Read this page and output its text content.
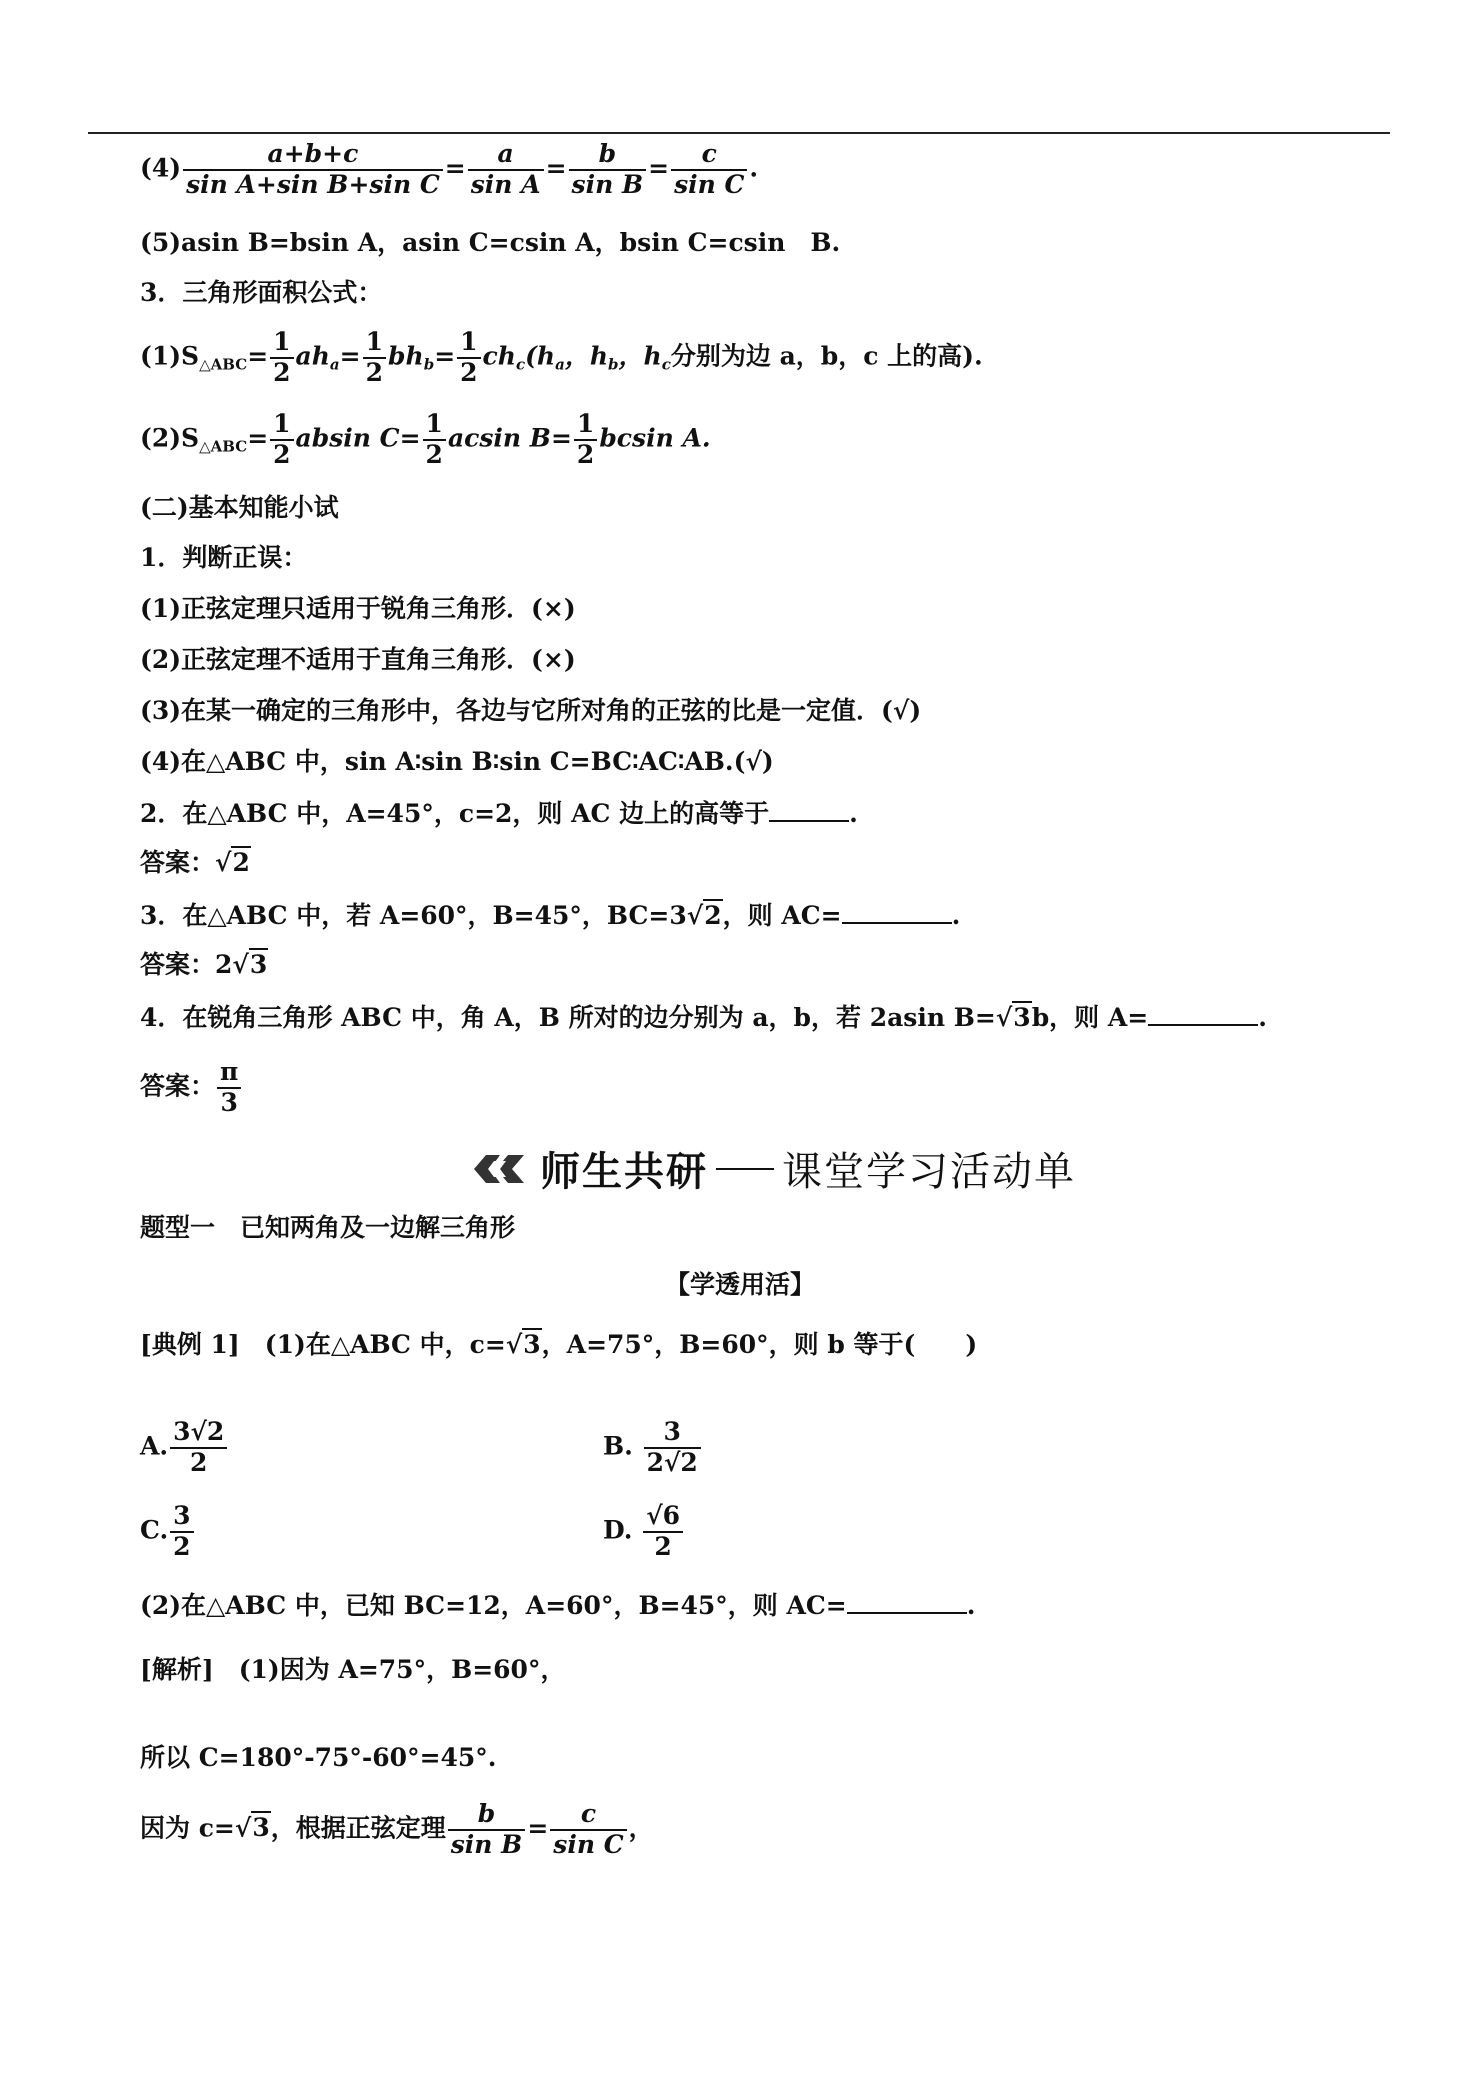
$(4) \frac{a+b+c}{\text{sin A+sin B+sin C}} = \frac{a}{\text{sin A}} = \frac{b}{\text{sin B}} = \frac{c}{\text{sin C}}$ .
(5)asin B=bsin A，asin C=csin A，bsin C=csin　B.
3．三角形面积公式：
$(1)S_{\triangle ABC}= \frac{1}{2} ah_a= \frac{1}{2} bh_b= \frac{1}{2} ch_c(h_a$，$h_b$，$h_c$分别为边 a，b，c 上的高).
$(2)S_{\triangle ABC}= \frac{1}{2}$ absin $C= \frac{1}{2}$ acsin $B= \frac{1}{2}$ bcsin A.
(二)基本知能小试
1．判断正误：
(1)正弦定理只适用于锐角三角形．(×)
(2)正弦定理不适用于直角三角形．(×)
(3)在某一确定的三角形中，各边与它所对角的正弦的比是一定值．(√)
(4)在△ABC 中，sin A∶sin B∶sin C=BC∶AC∶AB.(√)
2．在△ABC 中，A=45°，c=2，则 AC 边上的高等于	.
答案：√2
3．在△ABC 中，若 A=60°，B=45°，BC=3√2，则 AC=	.
答案：2√3
4．在锐角三角形 ABC 中，角 A，B 所对的边分别为 a，b，若 2asin B=√3b，则 A=	.
答案： $\frac{\pi}{3}$
师生共研 课堂学习活动单
题型一　已知两角及一边解三角形
【学透用活】
[典例 1]　 (1)在△ABC 中，c=√3，A=75°，B=60°，则 b 等于(　　)
A. $\frac{3√2}{2}$	B. $\frac{3}{2√2}$
C. $\frac{3}{2}$	D. $\frac{√6}{2}$
(2)在△ABC 中，已知 BC=12，A=60°，B=45°，则 AC=	.
[解析]　 (1)因为 A=75°，B=60°，
所以 C=180°-75°-60°=45°.
因为 c=√3，根据正弦定理 $\frac{b}{\text{sin B}} = \frac{c}{\text{sin C}}$ ，
